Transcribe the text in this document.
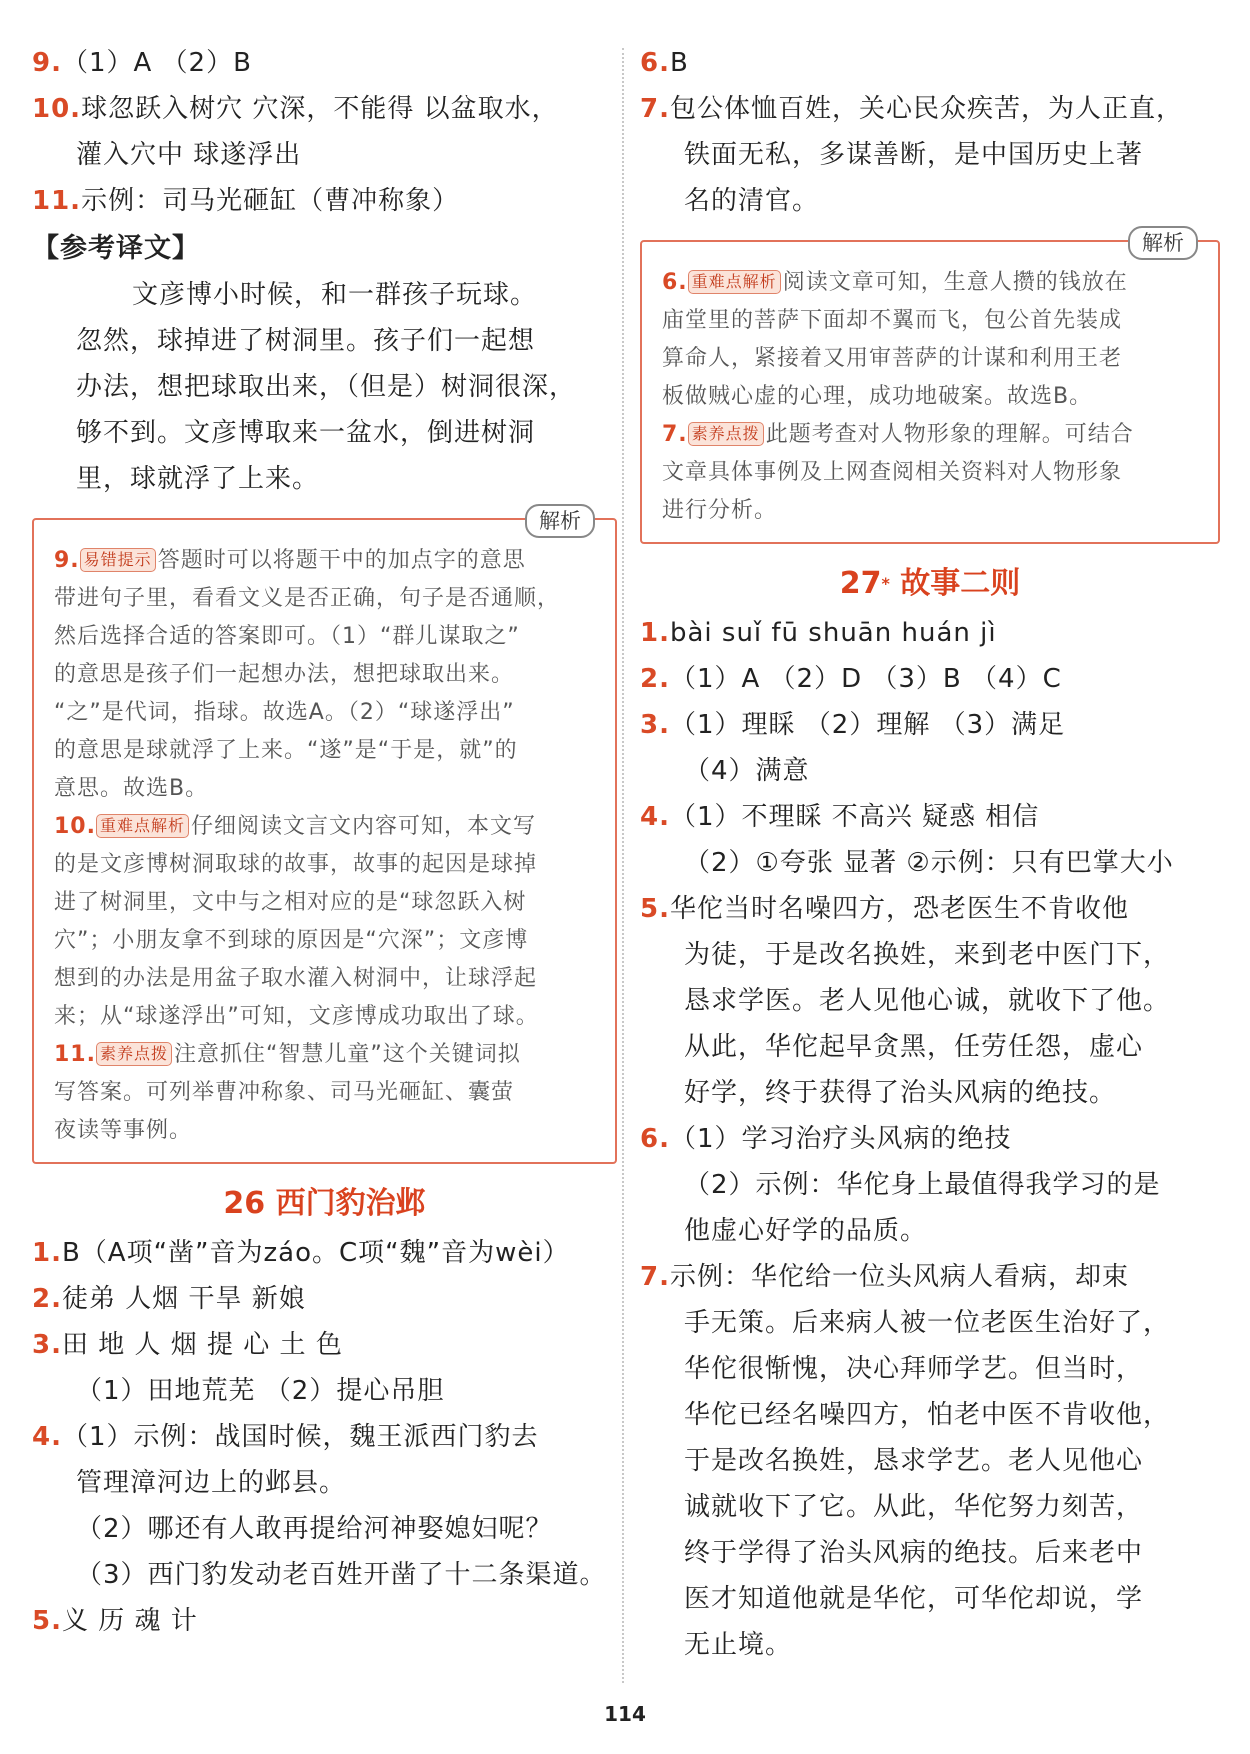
9.（1）A （2）B
10.球忽跃入树穴 穴深，不能得 以盆取水，
灌入穴中 球遂浮出
11.示例：司马光砸缸（曹冲称象）
【参考译文】
文彦博小时候，和一群孩子玩球。
忽然，球掉进了树洞里。孩子们一起想
办法，想把球取出来，（但是）树洞很深，
够不到。文彦博取来一盆水，倒进树洞
里，球就浮了上来。
解析
9. 易错提示 答题时可以将题干中的加点字的意思
带进句子里，看看文义是否正确，句子是否通顺，
然后选择合适的答案即可。（1）“群儿谋取之”
的意思是孩子们一起想办法，想把球取出来。
“之”是代词，指球。故选A。（2）“球遂浮出”
的意思是球就浮了上来。“遂”是“于是，就”的
意思。故选B。
10. 重难点解析 仔细阅读文言文内容可知，本文写
的是文彦博树洞取球的故事，故事的起因是球掉
进了树洞里，文中与之相对应的是“球忽跃入树
穴”；小朋友拿不到球的原因是“穴深”；文彦博
想到的办法是用盆子取水灌入树洞中，让球浮起
来；从“球遂浮出”可知，文彦博成功取出了球。
11. 素养点拨 注意抓住“智慧儿童”这个关键词拟
写答案。可列举曹冲称象、司马光砸缸、囊萤
夜读等事例。
26 西门豹治邺
1.B（A项“凿”音为záo。C项“魏”音为wèi）
2.徒弟 人烟 干旱 新娘
3.田 地 人 烟 提 心 土 色
（1）田地荒芜 （2）提心吊胆
4.（1）示例：战国时候，魏王派西门豹去
管理漳河边上的邺县。
（2）哪还有人敢再提给河神娶媳妇呢？
（3）西门豹发动老百姓开凿了十二条渠道。
5.义 历 魂 计
6.B
7.包公体恤百姓，关心民众疾苦，为人正直，
铁面无私，多谋善断，是中国历史上著
名的清官。
解析
6. 重难点解析 阅读文章可知，生意人攒的钱放在
庙堂里的菩萨下面却不翼而飞，包公首先装成
算命人，紧接着又用审菩萨的计谋和利用王老
板做贼心虚的心理，成功地破案。故选B。
7. 素养点拨 此题考查对人物形象的理解。可结合
文章具体事例及上网查阅相关资料对人物形象
进行分析。
27* 故事二则
1.bài suǐ fū shuān huán jì
2.（1）A （2）D （3）B （4）C
3.（1）理睬 （2）理解 （3）满足
（4）满意
4.（1）不理睬 不高兴 疑惑 相信
（2）①夸张 显著 ②示例：只有巴掌大小
5.华佗当时名噪四方，恐老医生不肯收他
为徒，于是改名换姓，来到老中医门下，
恳求学医。老人见他心诚，就收下了他。
从此，华佗起早贪黑，任劳任怨，虚心
好学，终于获得了治头风病的绝技。
6.（1）学习治疗头风病的绝技
（2）示例：华佗身上最值得我学习的是
他虚心好学的品质。
7.示例：华佗给一位头风病人看病，却束
手无策。后来病人被一位老医生治好了，
华佗很惭愧，决心拜师学艺。但当时，
华佗已经名噪四方，怕老中医不肯收他，
于是改名换姓，恳求学艺。老人见他心
诚就收下了它。从此，华佗努力刻苦，
终于学得了治头风病的绝技。后来老中
医才知道他就是华佗，可华佗却说，学
无止境。
114
